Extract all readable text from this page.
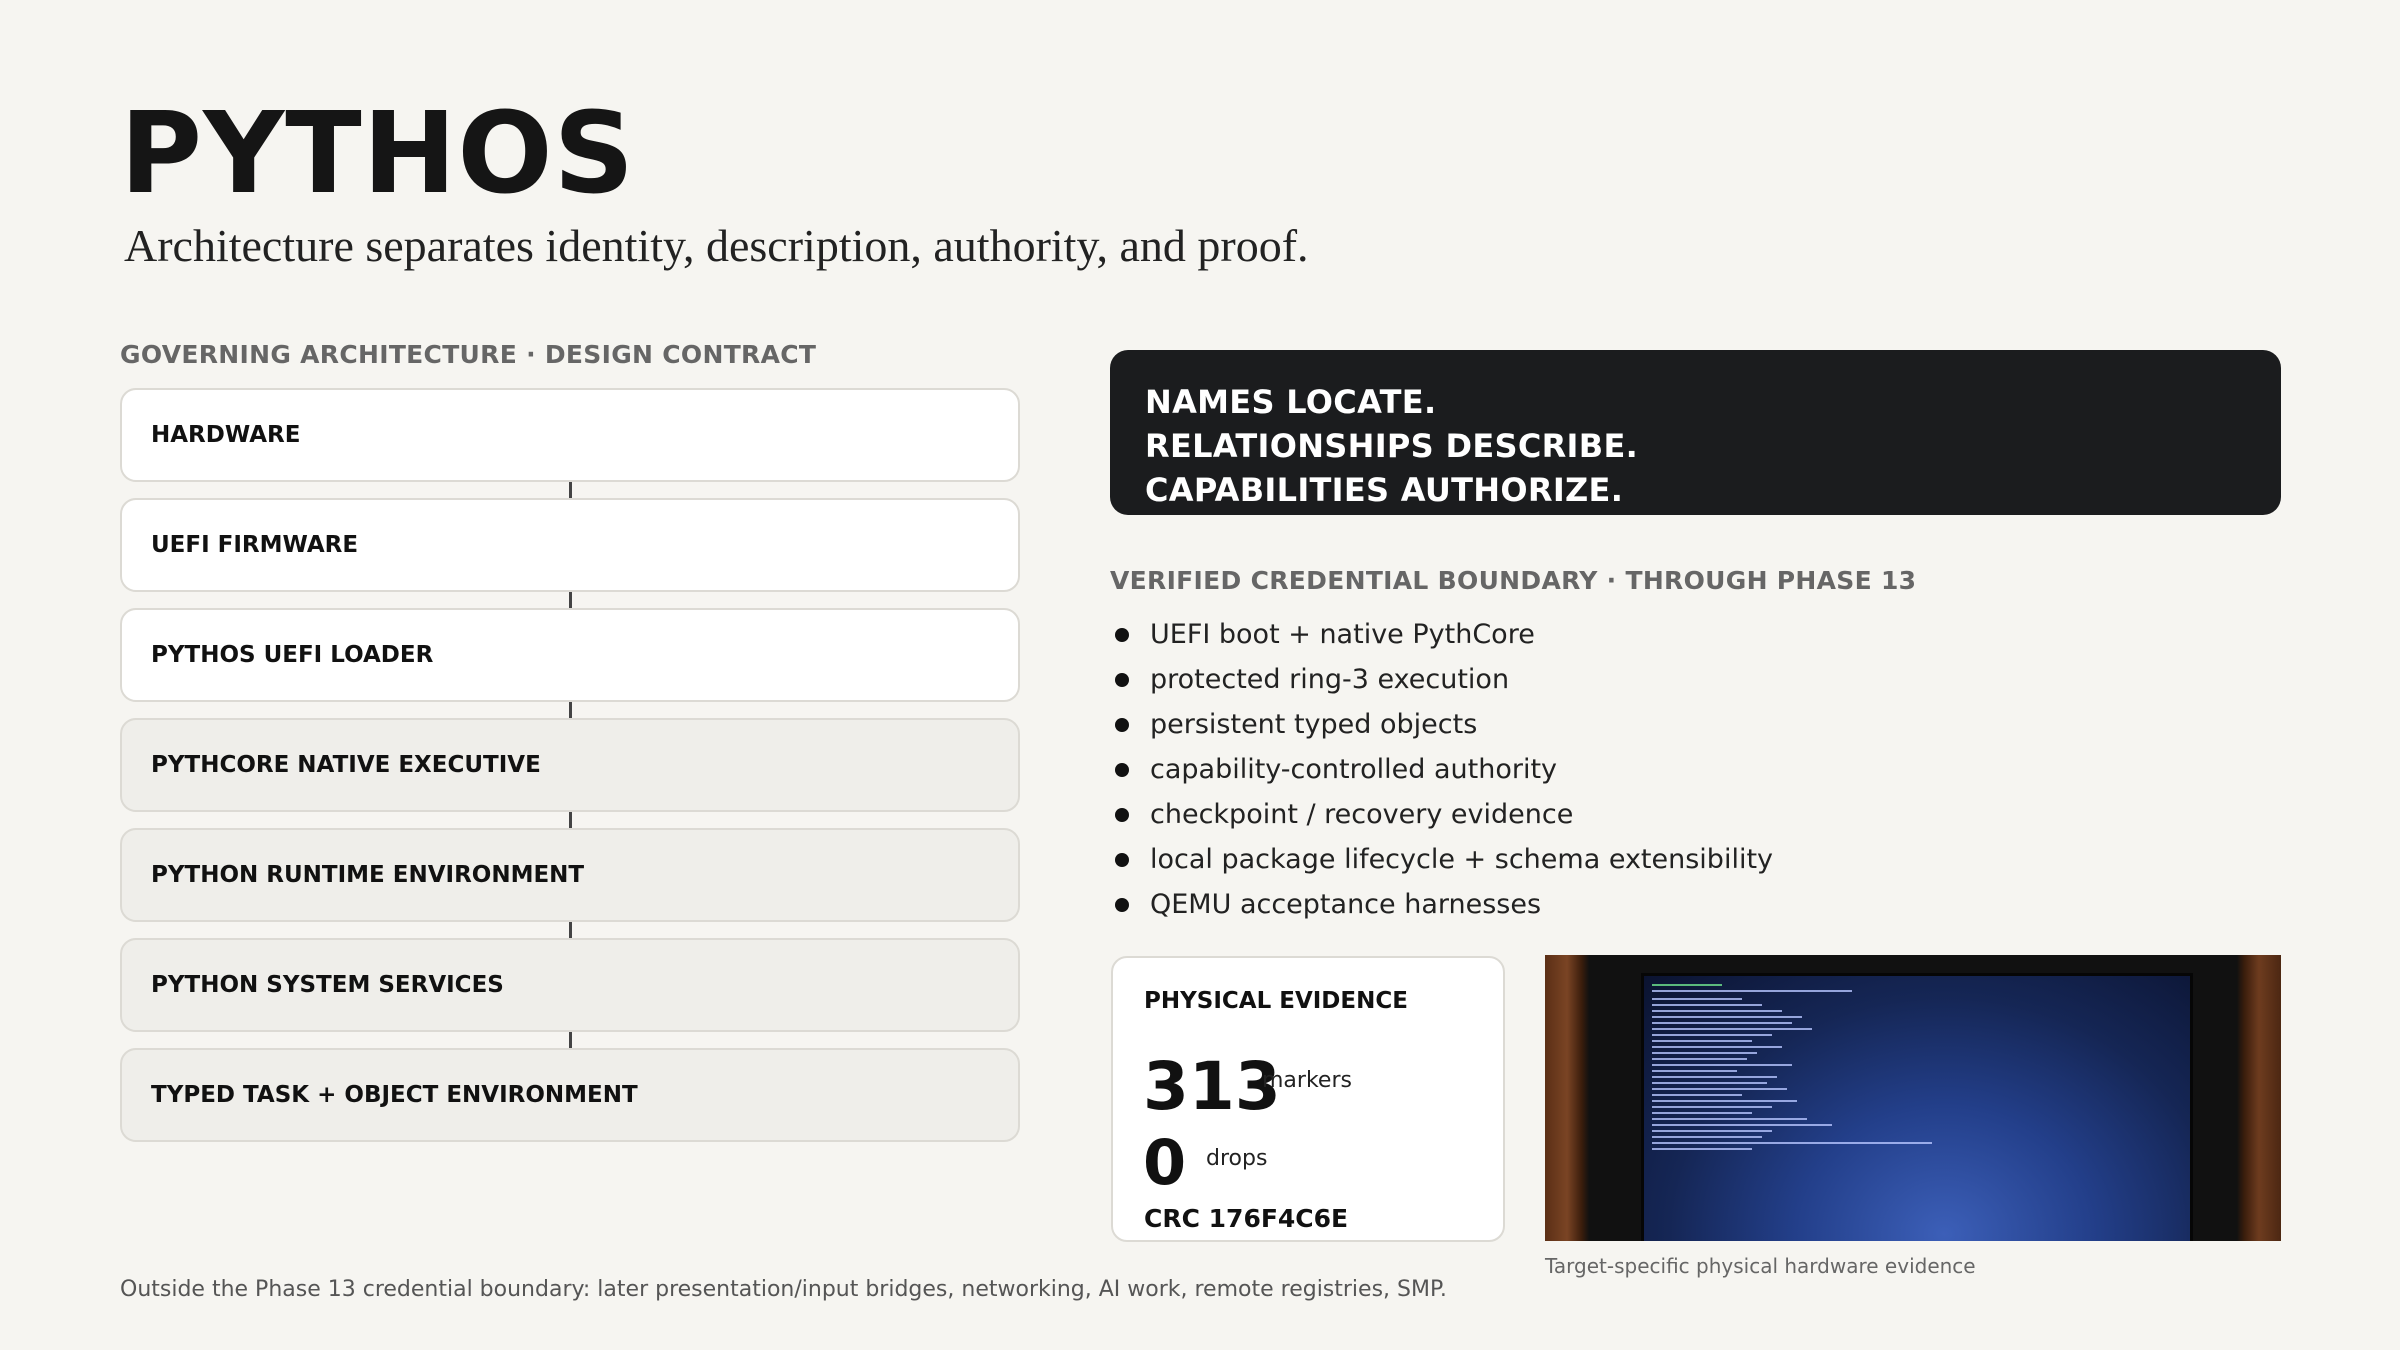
PYTHOS
Architecture separates identity, description, authority, and proof.
GOVERNING ARCHITECTURE · DESIGN CONTRACT
HARDWARE
UEFI FIRMWARE
PYTHOS UEFI LOADER
PYTHCORE NATIVE EXECUTIVE
PYTHON RUNTIME ENVIRONMENT
PYTHON SYSTEM SERVICES
TYPED TASK + OBJECT ENVIRONMENT
NAMES LOCATE.
RELATIONSHIPS DESCRIBE.
CAPABILITIES AUTHORIZE.
VERIFIED CREDENTIAL BOUNDARY · THROUGH PHASE 13
UEFI boot + native PythCore
protected ring-3 execution
persistent typed objects
capability-controlled authority
checkpoint / recovery evidence
local package lifecycle + schema extensibility
QEMU acceptance harnesses
PHYSICAL EVIDENCE
313
markers
0 drops
CRC 176F4C6E
Target-specific physical hardware evidence
Outside the Phase 13 credential boundary: later presentation/input bridges, networking, AI work, remote registries, SMP.
